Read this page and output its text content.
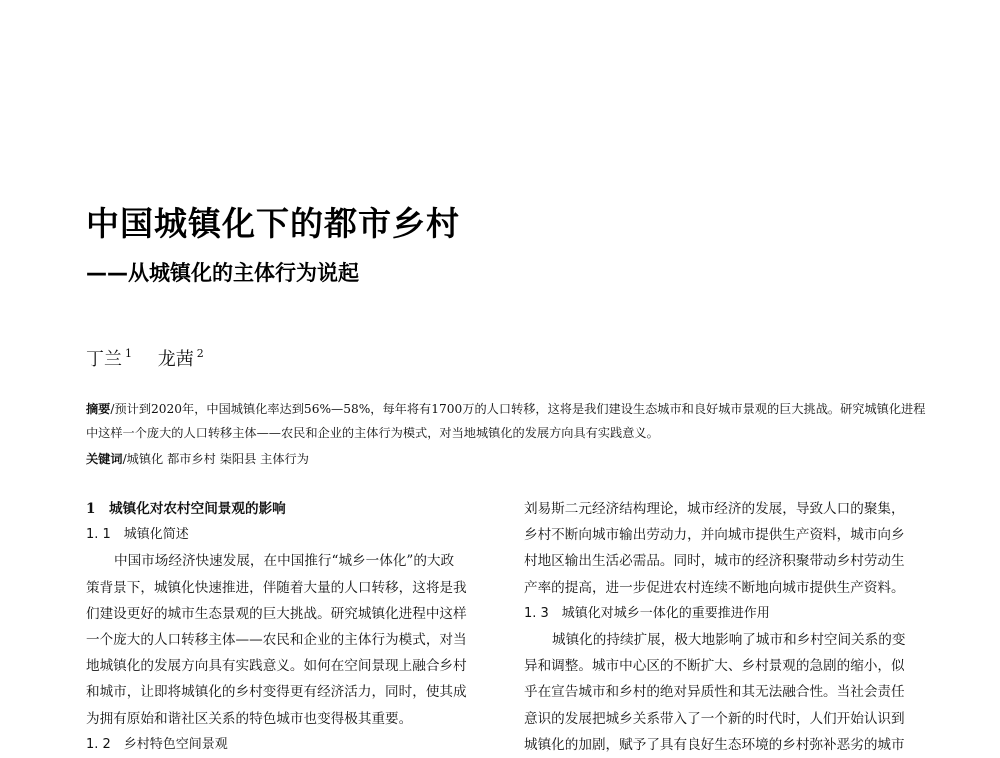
中国城镇化下的都市乡村
——从城镇化的主体行为说起
丁兰 $^1$ 龙茜 $^2$

摘要/预计到2020年，中国城镇化率达到56%—58%，每年将有1700万的人口转移，这将是我们建设生态城市和良好城市景观的巨大挑战。研究城镇化进程中这样一个庞大的人口转移主体——农民和企业的主体行为模式，对当地城镇化的发展方向具有实践意义。

关键词/城镇化 都市乡村 柒阳县 主体行为

1　城镇化对农村空间景观的影响
1. 1　城镇化简述
中国市场经济快速发展，在中国推行“城乡一体化”的大政
策背景下，城镇化快速推进，伴随着大量的人口转移，这将是我
们建设更好的城市生态景观的巨大挑战。研究城镇化进程中这样
一个庞大的人口转移主体——农民和企业的主体行为模式，对当
地城镇化的发展方向具有实践意义。如何在空间景现上融合乡村
和城市，让即将城镇化的乡村变得更有经济活力，同时，使其成
为拥有原始和谐社区关系的特色城市也变得极其重要。
1. 2　乡村特色空间景观
刘易斯二元经济结构理论，城市经济的发展，导致人口的聚集，
乡村不断向城市输出劳动力，并向城市提供生产资料，城市向乡
村地区输出生活必需品。同时，城市的经济积聚带动乡村劳动生
产率的提高，进一步促进农村连续不断地向城市提供生产资料。
1. 3　城镇化对城乡一体化的重要推进作用
城镇化的持续扩展，极大地影响了城市和乡村空间关系的变
异和调整。城市中心区的不断扩大、乡村景观的急剧的缩小，似
乎在宣告城市和乡村的绝对异质性和其无法融合性。当社会责任
意识的发展把城乡关系带入了一个新的时代时，人们开始认识到
城镇化的加剧，赋予了具有良好生态环境的乡村弥补恶劣的城市
